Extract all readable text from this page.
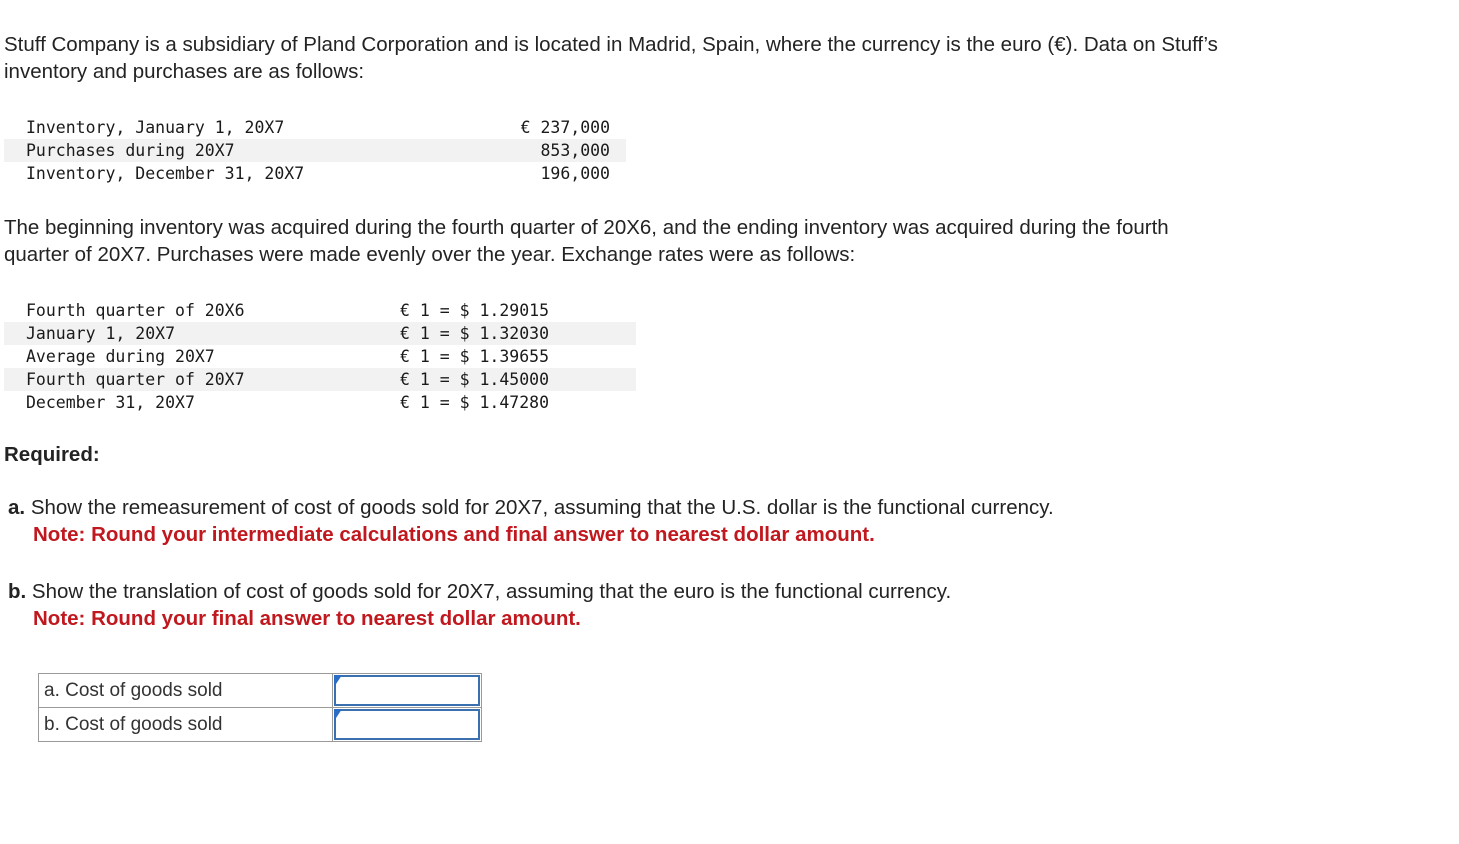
Stuff Company is a subsidiary of Pland Corporation and is located in Madrid, Spain, where the currency is the euro (€). Data on Stuff’s
inventory and purchases are as follows:
Inventory, January 1, 20X7	€ 237,000
Purchases during 20X7	853,000
Inventory, December 31, 20X7	196,000
The beginning inventory was acquired during the fourth quarter of 20X6, and the ending inventory was acquired during the fourth
quarter of 20X7. Purchases were made evenly over the year. Exchange rates were as follows:
Fourth quarter of 20X6	€ 1 = $ 1.29015
January 1, 20X7	€ 1 = $ 1.32030
Average during 20X7	€ 1 = $ 1.39655
Fourth quarter of 20X7	€ 1 = $ 1.45000
December 31, 20X7	€ 1 = $ 1.47280
Required:
a. Show the remeasurement of cost of goods sold for 20X7, assuming that the U.S. dollar is the functional currency.
Note: Round your intermediate calculations and final answer to nearest dollar amount.
b. Show the translation of cost of goods sold for 20X7, assuming that the euro is the functional currency.
Note: Round your final answer to nearest dollar amount.
a. Cost of goods sold	

b. Cost of goods sold	
